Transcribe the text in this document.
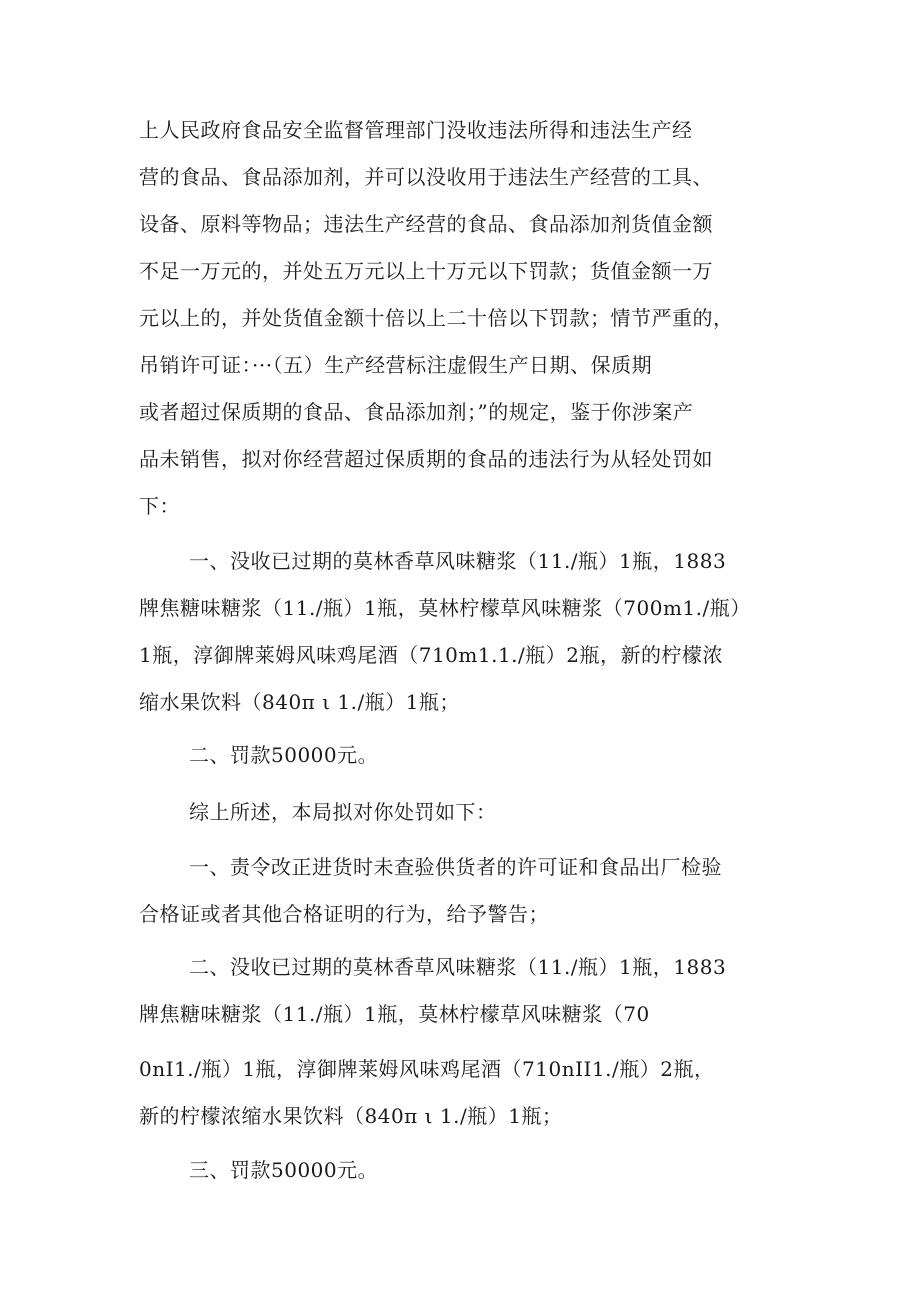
上人民政府食品安全监督管理部门没收违法所得和违法生产经
营的食品、食品添加剂，并可以没收用于违法生产经营的工具、
设备、原料等物品；违法生产经营的食品、食品添加剂货值金额
不足一万元的，并处五万元以上十万元以下罚款；货值金额一万
元以上的，并处货值金额十倍以上二十倍以下罚款；情节严重的，
吊销许可证：···（五）生产经营标注虚假生产日期、保质期
或者超过保质期的食品、食品添加剂；”的规定，鉴于你涉案产
品未销售，拟对你经营超过保质期的食品的违法行为从轻处罚如
下：
一、没收已过期的莫林香草风味糖浆（11./瓶）1瓶，1883
牌焦糖味糖浆（11./瓶）1瓶，莫林柠檬草风味糖浆（700m1./瓶）
1瓶，淳御牌莱姆风味鸡尾酒（710m1.1./瓶）2瓶，新的柠檬浓
缩水果饮料（840π ι 1./瓶）1瓶；
二、罚款50000元。
综上所述，本局拟对你处罚如下：
一、责令改正进货时未查验供货者的许可证和食品出厂检验
合格证或者其他合格证明的行为，给予警告；
二、没收已过期的莫林香草风味糖浆（11./瓶）1瓶，1883
牌焦糖味糖浆（11./瓶）1瓶，莫林柠檬草风味糖浆（70
0nI1./瓶）1瓶，淳御牌莱姆风味鸡尾酒（710nII1./瓶）2瓶，
新的柠檬浓缩水果饮料（840π ι 1./瓶）1瓶；
三、罚款50000元。
